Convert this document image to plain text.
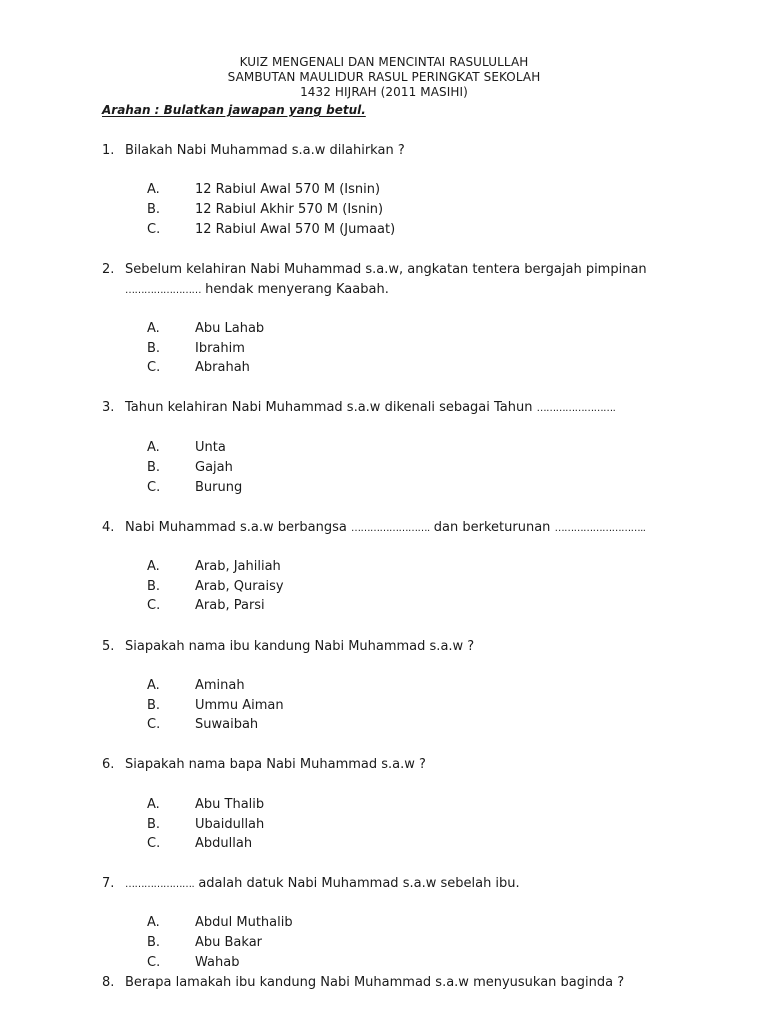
KUIZ MENGENALI DAN MENCINTAI RASULULLAH
SAMBUTAN MAULIDUR RASUL PERINGKAT SEKOLAH
1432 HIJRAH (2011 MASIHI)
Arahan : Bulatkan jawapan yang betul.
1. Bilakah Nabi Muhammad s.a.w dilahirkan ?
A.	12 Rabiul Awal 570 M (Isnin)
B.	12 Rabiul Akhir 570 M (Isnin)
C.	12 Rabiul Awal 570 M (Jumaat)
2. Sebelum kelahiran Nabi Muhammad s.a.w, angkatan tentera bergajah pimpinan
…………………… hendak menyerang Kaabah.
A.	Abu Lahab
B.	Ibrahim
C.	Abrahah
3. Tahun kelahiran Nabi Muhammad s.a.w dikenali sebagai Tahun …………………….
A.	Unta
B.	Gajah
C.	Burung
4. Nabi Muhammad s.a.w berbangsa ……………………. dan berketurunan ………………………..
A.	Arab, Jahiliah
B.	Arab, Quraisy
C.	Arab, Parsi
5. Siapakah nama ibu kandung Nabi Muhammad s.a.w ?
A.	Aminah
B.	Ummu Aiman
C.	Suwaibah
6. Siapakah nama bapa Nabi Muhammad s.a.w ?
A.	Abu Thalib
B.	Ubaidullah
C.	Abdullah
7. …………………. adalah datuk Nabi Muhammad s.a.w sebelah ibu.
A.	Abdul Muthalib
B.	Abu Bakar
C.	Wahab
8. Berapa lamakah ibu kandung Nabi Muhammad s.a.w menyusukan baginda ?
